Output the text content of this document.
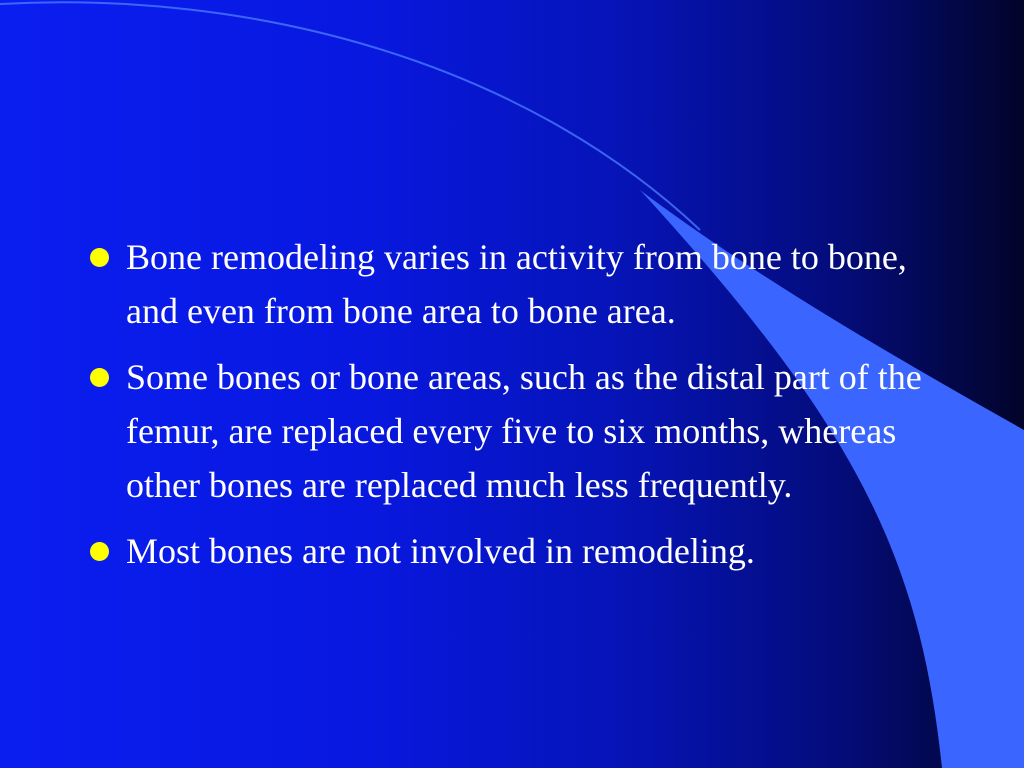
Bone remodeling varies in activity from bone to bone, and even from bone area to bone area.
Some bones or bone areas, such as the distal part of the femur, are replaced every five to six months, whereas other bones are replaced much less frequently.
Most bones are not involved in remodeling.
